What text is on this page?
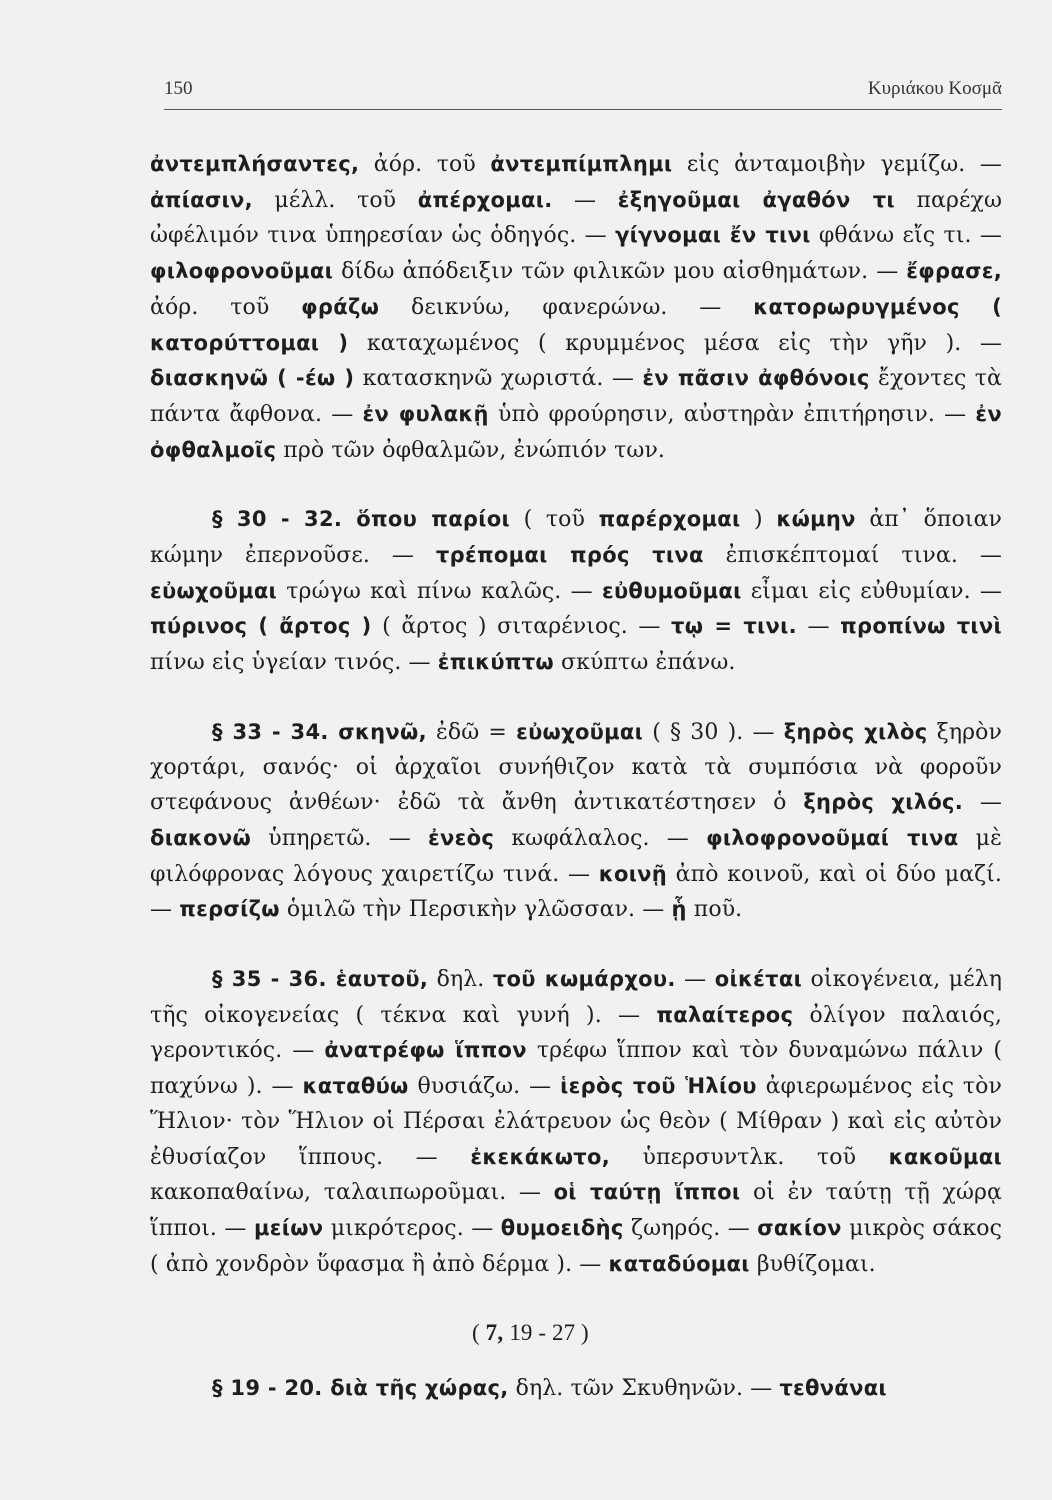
150	Κυριάκου Κοσμᾶ

ἀντεμπλήσαντες, ἀόρ. τοῦ ἀντεμπίμπλημι εἰς ἀνταμοιβὴν γεμίζω. — ἀπίασιν, μέλλ. τοῦ ἀπέρχομαι. — ἐξηγοῦμαι ἀγαθόν τι παρέχω ὠφέλιμόν τινα ὑπηρεσίαν ὡς ὁδηγός. — γίγνομαι ἔν τινι φθάνω εἴς τι. — φιλοφρονοῦμαι δίδω ἀπόδειξιν τῶν φιλικῶν μου αἰσθημάτων. — ἔφρασε, ἀόρ. τοῦ φράζω δεικνύω, φανερώνω. — κατορωρυγμένος ( κατορύττομαι ) καταχωμένος ( κρυμμένος μέσα εἰς τὴν γῆν ). — διασκηνῶ ( -έω ) κατασκηνῶ χωριστά. — ἐν πᾶσιν ἀφθόνοις ἔχοντες τὰ πάντα ἄφθονα. — ἐν φυλακῇ ὑπὸ φρούρησιν, αὐστηρὰν ἐπιτήρησιν. — ἐν ὀφθαλμοῖς πρὸ τῶν ὀφθαλμῶν, ἐνώπιόν των.

§ 30 - 32. ὅπου παρίοι ( τοῦ παρέρχομαι ) κώμην ἀπ᾽ ὅποιαν κώμην ἐπερνοῦσε. — τρέπομαι πρός τινα ἐπισκέπτομαί τινα. — εὐωχοῦμαι τρώγω καὶ πίνω καλῶς. — εὐθυμοῦμαι εἶμαι εἰς εὐθυμίαν. — πύρινος ( ἄρτος ) ( ἄρτος ) σιταρένιος. — τῳ = τινι. — προπίνω τινὶ πίνω εἰς ὑγείαν τινός. — ἐπικύπτω σκύπτω ἐπάνω.

§ 33 - 34. σκηνῶ, ἐδῶ = εὐωχοῦμαι ( § 30 ). — ξηρὸς χιλὸς ξηρὸν χορτάρι, σανός· οἱ ἀρχαῖοι συνήθιζον κατὰ τὰ συμπόσια νὰ φοροῦν στεφάνους ἀνθέων· ἐδῶ τὰ ἄνθη ἀντικατέστησεν ὁ ξηρὸς χιλός. — διακονῶ ὑπηρετῶ. — ἐνεὸς κωφάλαλος. — φιλοφρονοῦμαί τινα μὲ φιλόφρονας λόγους χαιρετίζω τινά. — κοινῇ ἀπὸ κοινοῦ, καὶ οἱ δύο μαζί. — περσίζω ὁμιλῶ τὴν Περσικὴν γλῶσσαν. — ᾗ ποῦ.

§ 35 - 36. ἑαυτοῦ, δηλ. τοῦ κωμάρχου. — οἰκέται οἰκογένεια, μέλη τῆς οἰκογενείας ( τέκνα καὶ γυνή ). — παλαίτερος ὀλίγον παλαιός, γεροντικός. — ἀνατρέφω ἵππον τρέφω ἵππον καὶ τὸν δυναμώνω πάλιν ( παχύνω ). — καταθύω θυσιάζω. — ἱερὸς τοῦ Ἡλίου ἀφιερωμένος εἰς τὸν Ἥλιον· τὸν Ἥλιον οἱ Πέρσαι ἐλάτρευον ὡς θεὸν ( Μίθραν ) καὶ εἰς αὐτὸν ἐθυσίαζον ἵππους. — ἐκεκάκωτο, ὑπερσυντλκ. τοῦ κακοῦμαι κακοπαθαίνω, ταλαιπωροῦμαι. — οἱ ταύτῃ ἵπποι οἱ ἐν ταύτῃ τῇ χώρᾳ ἵπποι. — μείων μικρότερος. — θυμοειδὴς ζωηρός. — σακίον μικρὸς σάκος ( ἀπὸ χονδρὸν ὕφασμα ἢ ἀπὸ δέρμα ). — καταδύομαι βυθίζομαι.

( 7, 19 - 27 )

§ 19 - 20. διὰ τῆς χώρας, δηλ. τῶν Σκυθηνῶν. — τεθνάναι
